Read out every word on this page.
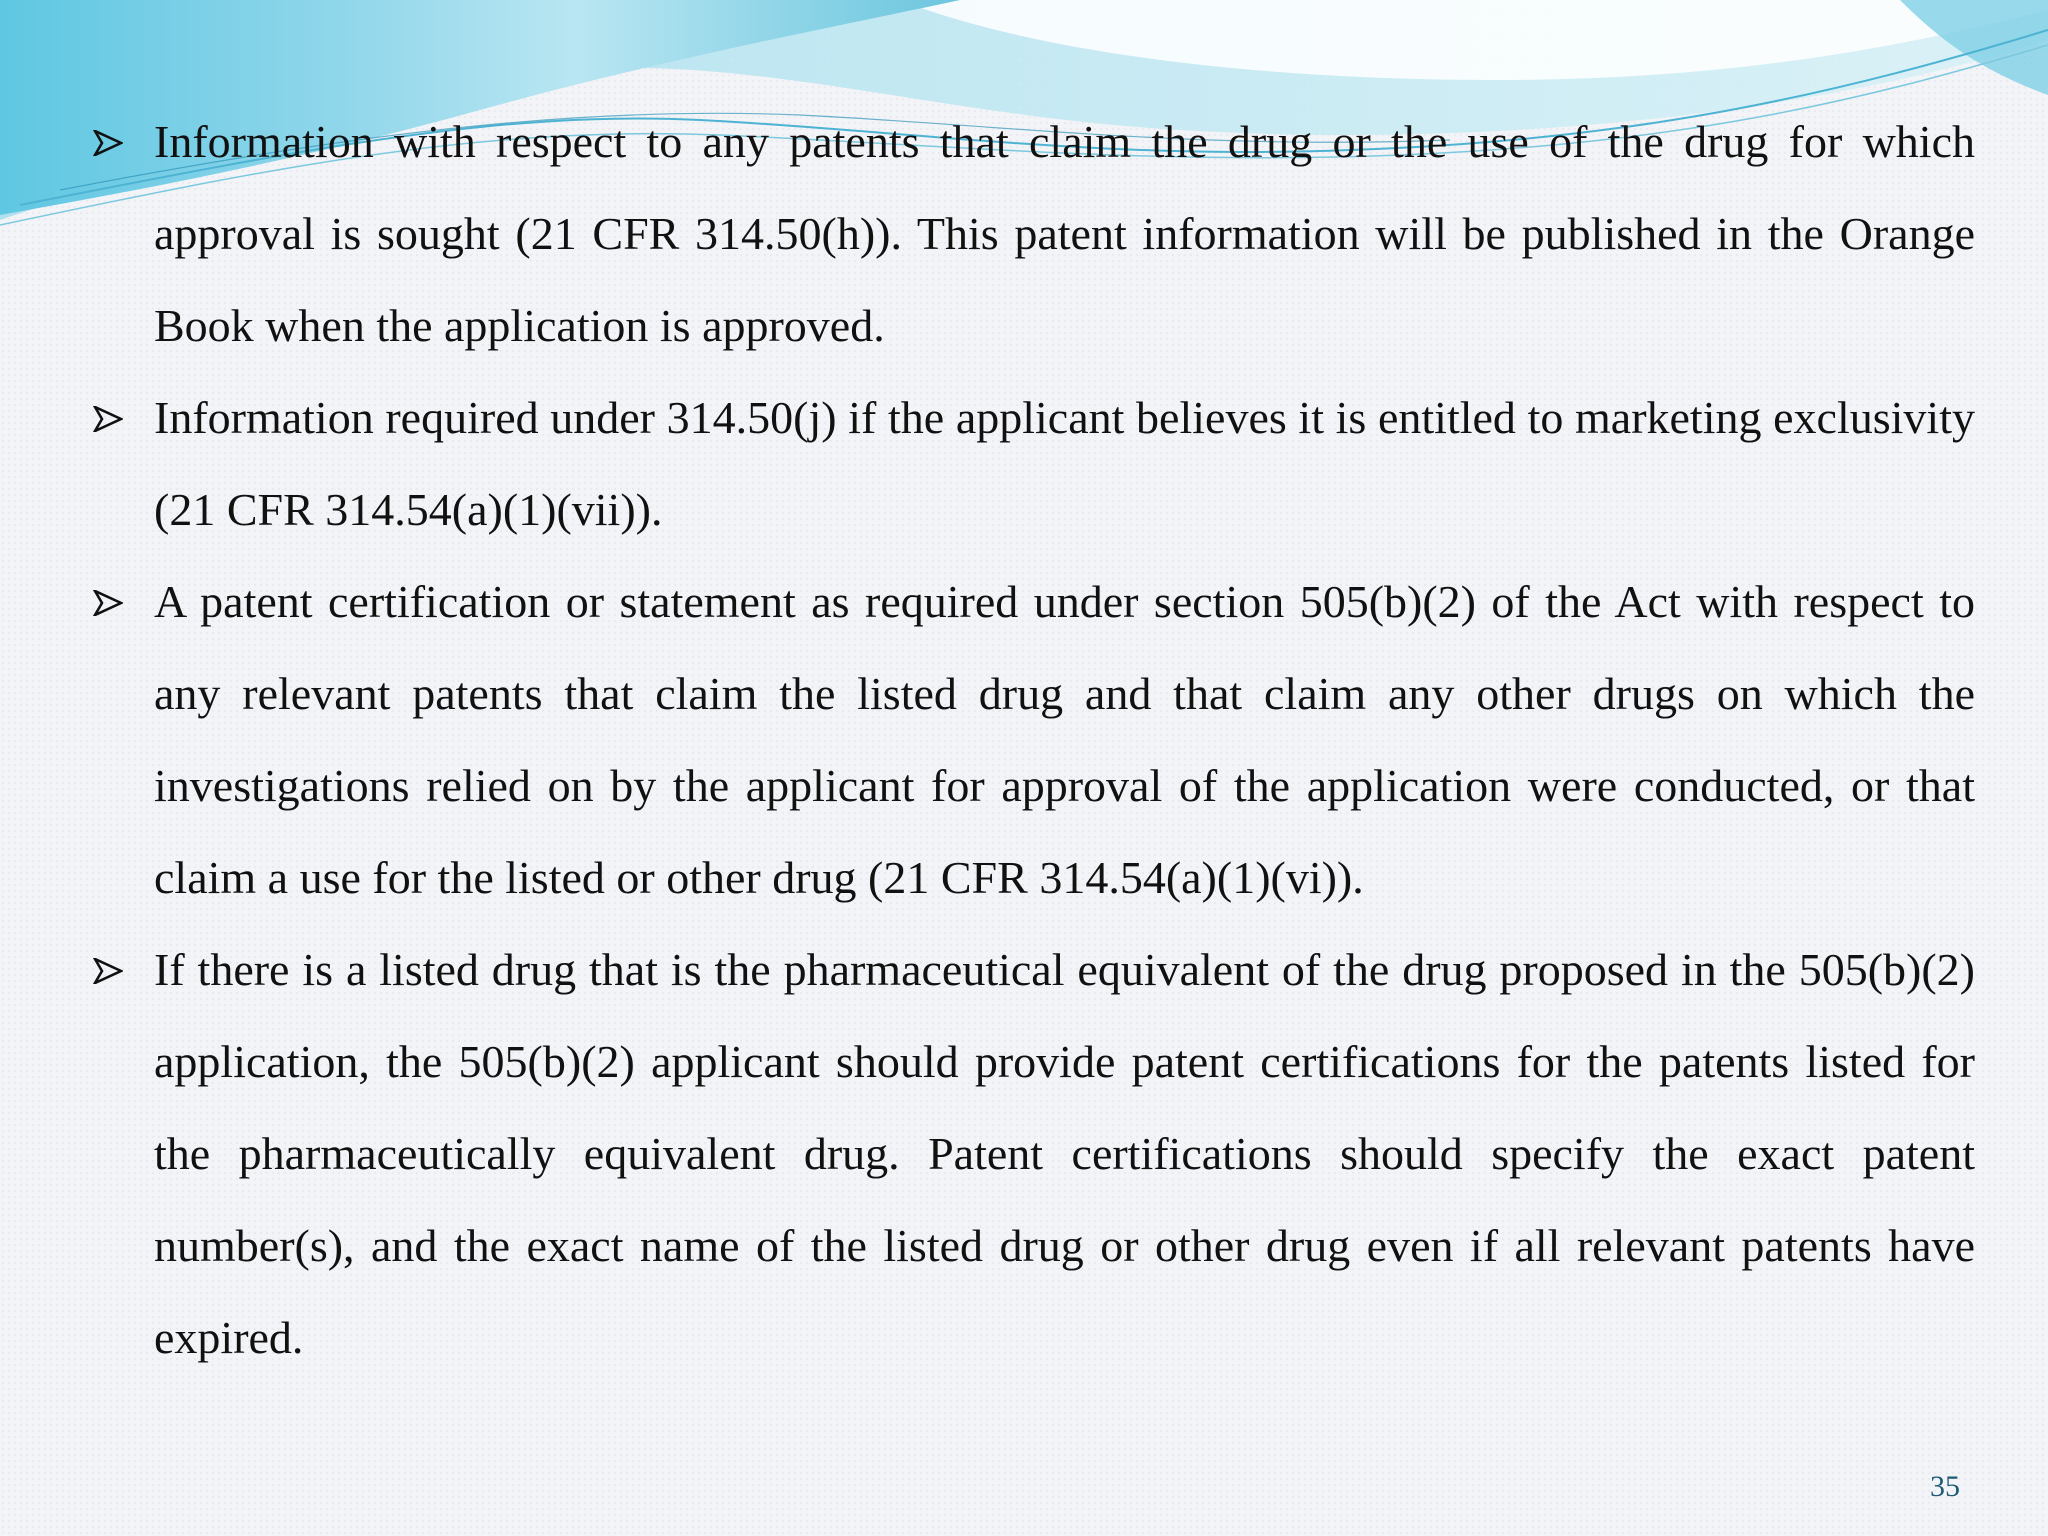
Information with respect to any patents that claim the drug or the use of the drug for which approval is sought (21 CFR 314.50(h)). This patent information will be published in the Orange Book when the application is approved.
Information required under 314.50(j) if the applicant believes it is entitled to marketing exclusivity (21 CFR 314.54(a)(1)(vii)).
A patent certification or statement as required under section 505(b)(2) of the Act with respect to any relevant patents that claim the listed drug and that claim any other drugs on which the investigations relied on by the applicant for approval of the application were conducted, or that claim a use for the listed or other drug (21 CFR 314.54(a)(1)(vi)).
If there is a listed drug that is the pharmaceutical equivalent of the drug proposed in the 505(b)(2) application, the 505(b)(2) applicant should provide patent certifications for the patents listed for the pharmaceutically equivalent drug. Patent certifications should specify the exact patent number(s), and the exact name of the listed drug or other drug even if all relevant patents have expired.
35
